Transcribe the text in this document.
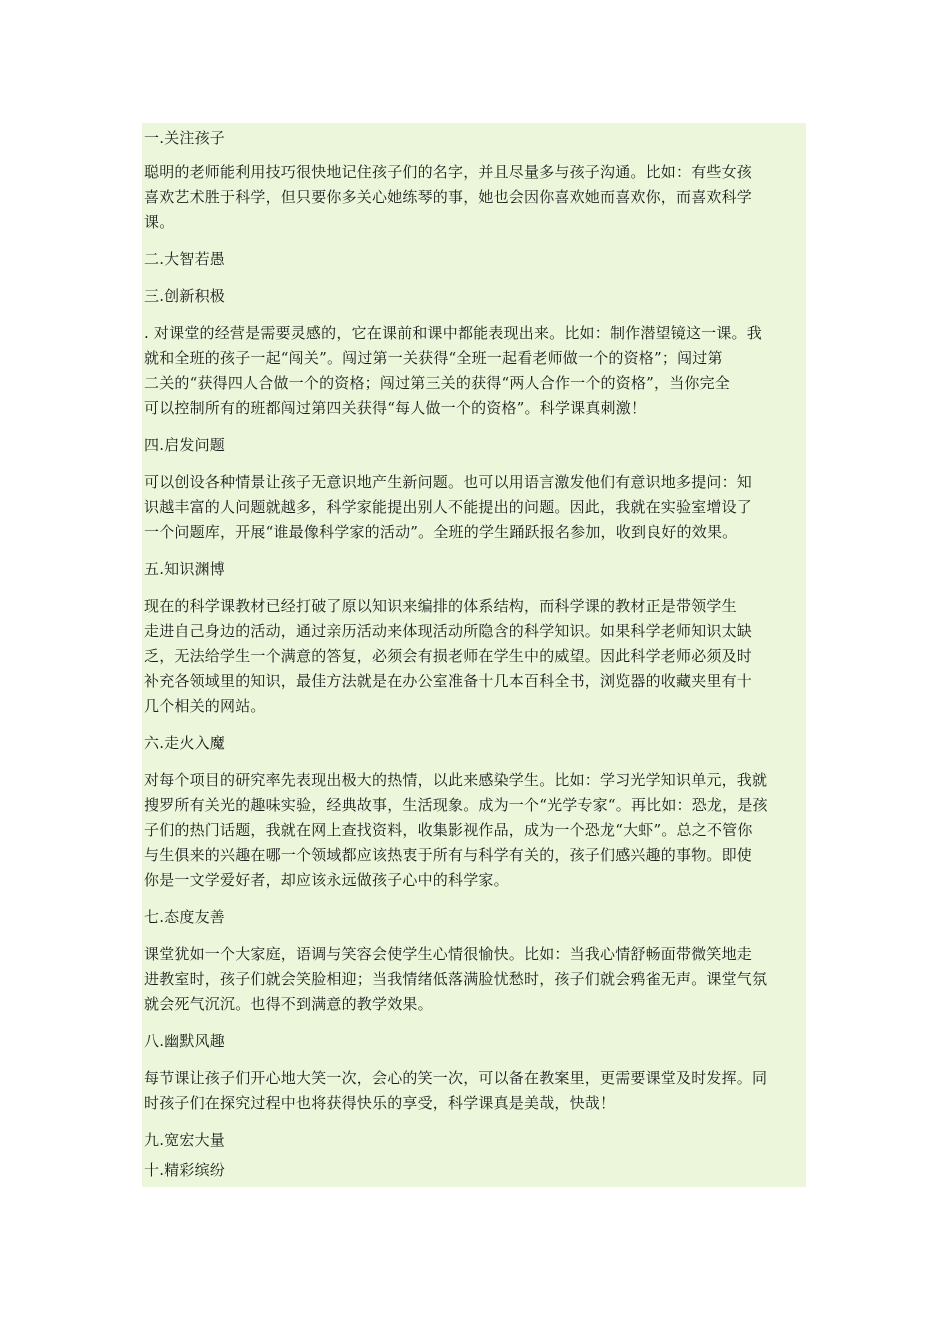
一.关注孩子
聪明的老师能利用技巧很快地记住孩子们的名字，并且尽量多与孩子沟通。比如：有些女孩
喜欢艺术胜于科学，但只要你多关心她练琴的事，她也会因你喜欢她而喜欢你，而喜欢科学
课。
二.大智若愚
三.创新积极
. 对课堂的经营是需要灵感的，它在课前和课中都能表现出来。比如：制作潜望镜这一课。我
就和全班的孩子一起“闯关”。闯过第一关获得“全班一起看老师做一个的资格”；闯过第
二关的“获得四人合做一个的资格；闯过第三关的获得“两人合作一个的资格”，当你完全
可以控制所有的班都闯过第四关获得“每人做一个的资格”。科学课真刺激！
四.启发问题
可以创设各种情景让孩子无意识地产生新问题。也可以用语言激发他们有意识地多提问：知
识越丰富的人问题就越多，科学家能提出别人不能提出的问题。因此，我就在实验室增设了
一个问题库，开展“谁最像科学家的活动”。全班的学生踊跃报名参加，收到良好的效果。
五.知识渊博
现在的科学课教材已经打破了原以知识来编排的体系结构，而科学课的教材正是带领学生
走进自己身边的活动，通过亲历活动来体现活动所隐含的科学知识。如果科学老师知识太缺
乏，无法给学生一个满意的答复，必须会有损老师在学生中的威望。因此科学老师必须及时
补充各领域里的知识，最佳方法就是在办公室准备十几本百科全书，浏览器的收藏夹里有十
几个相关的网站。
六.走火入魔
对每个项目的研究率先表现出极大的热情，以此来感染学生。比如：学习光学知识单元，我就
搜罗所有关光的趣味实验，经典故事，生活现象。成为一个“光学专家“。再比如：恐龙，是孩
子们的热门话题，我就在网上查找资料，收集影视作品，成为一个恐龙“大虾”。总之不管你
与生俱来的兴趣在哪一个领域都应该热衷于所有与科学有关的，孩子们感兴趣的事物。即使
你是一文学爱好者，却应该永远做孩子心中的科学家。
七.态度友善
课堂犹如一个大家庭，语调与笑容会使学生心情很愉快。比如：当我心情舒畅面带微笑地走
进教室时，孩子们就会笑脸相迎；当我情绪低落满脸忧愁时，孩子们就会鸦雀无声。课堂气氛
就会死气沉沉。也得不到满意的教学效果。
八.幽默风趣
每节课让孩子们开心地大笑一次，会心的笑一次，可以备在教案里，更需要课堂及时发挥。同
时孩子们在探究过程中也将获得快乐的享受，科学课真是美哉，快哉！
九.宽宏大量
十.精彩缤纷
